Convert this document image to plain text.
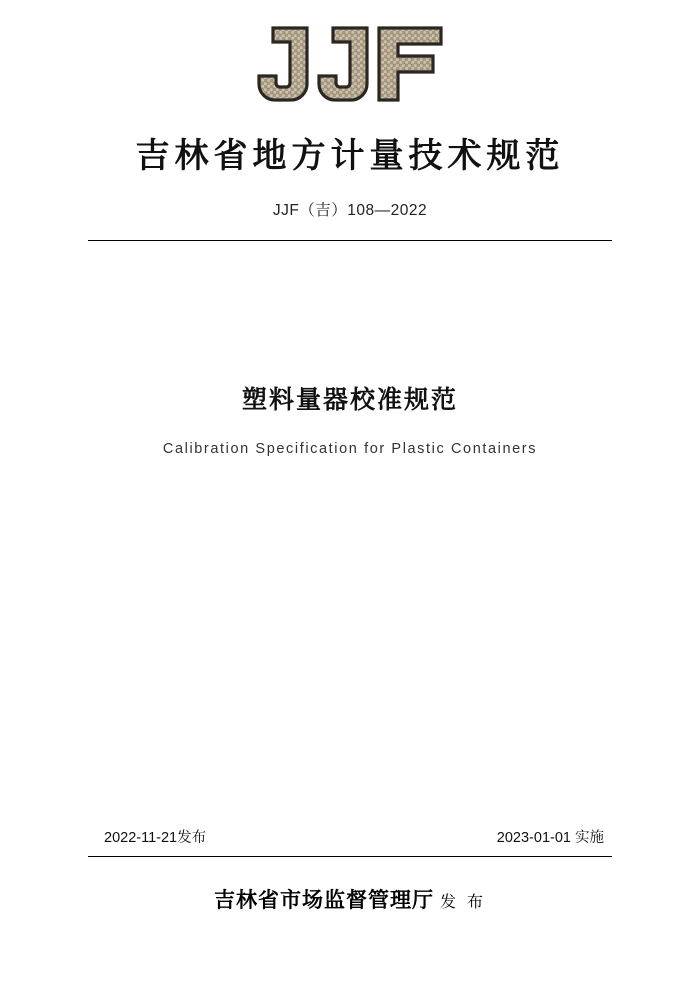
吉林省地方计量技术规范
JJF（吉）108—2022
塑料量器校准规范
Calibration Specification for Plastic Containers
2022-11-21发布	2023-01-01 实施
吉林省市场监督管理厅 发 布
